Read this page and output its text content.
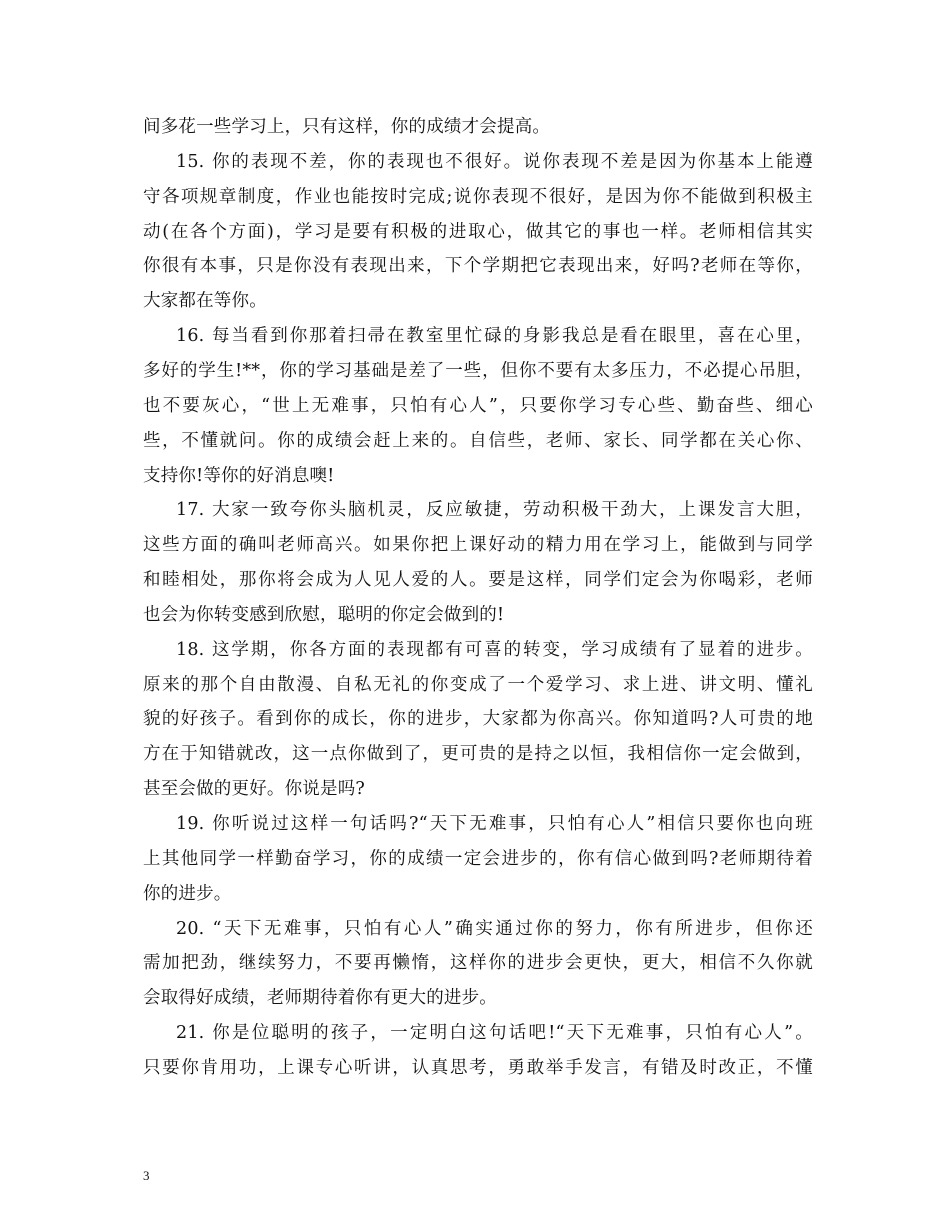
间多花一些学习上，只有这样，你的成绩才会提高。
15. 你的表现不差，你的表现也不很好。说你表现不差是因为你基本上能遵
守各项规章制度，作业也能按时完成;说你表现不很好，是因为你不能做到积极主
动(在各个方面)，学习是要有积极的进取心，做其它的事也一样。老师相信其实
你很有本事，只是你没有表现出来，下个学期把它表现出来，好吗?老师在等你，
大家都在等你。
16. 每当看到你那着扫帚在教室里忙碌的身影我总是看在眼里，喜在心里，
多好的学生!**，你的学习基础是差了一些，但你不要有太多压力，不必提心吊胆，
也不要灰心，“世上无难事，只怕有心人”，只要你学习专心些、勤奋些、细心
些，不懂就问。你的成绩会赶上来的。自信些，老师、家长、同学都在关心你、
支持你!等你的好消息噢!
17. 大家一致夸你头脑机灵，反应敏捷，劳动积极干劲大，上课发言大胆，
这些方面的确叫老师高兴。如果你把上课好动的精力用在学习上，能做到与同学
和睦相处，那你将会成为人见人爱的人。要是这样，同学们定会为你喝彩，老师
也会为你转变感到欣慰，聪明的你定会做到的!
18. 这学期，你各方面的表现都有可喜的转变，学习成绩有了显着的进步。
原来的那个自由散漫、自私无礼的你变成了一个爱学习、求上进、讲文明、懂礼
貌的好孩子。看到你的成长，你的进步，大家都为你高兴。你知道吗?人可贵的地
方在于知错就改，这一点你做到了，更可贵的是持之以恒，我相信你一定会做到，
甚至会做的更好。你说是吗?
19. 你听说过这样一句话吗?“天下无难事，只怕有心人”相信只要你也向班
上其他同学一样勤奋学习，你的成绩一定会进步的，你有信心做到吗?老师期待着
你的进步。
20. “天下无难事，只怕有心人”确实通过你的努力，你有所进步，但你还
需加把劲，继续努力，不要再懒惰，这样你的进步会更快，更大，相信不久你就
会取得好成绩，老师期待着你有更大的进步。
21. 你是位聪明的孩子，一定明白这句话吧!“天下无难事，只怕有心人”。
只要你肯用功，上课专心听讲，认真思考，勇敢举手发言，有错及时改正，不懂
3
